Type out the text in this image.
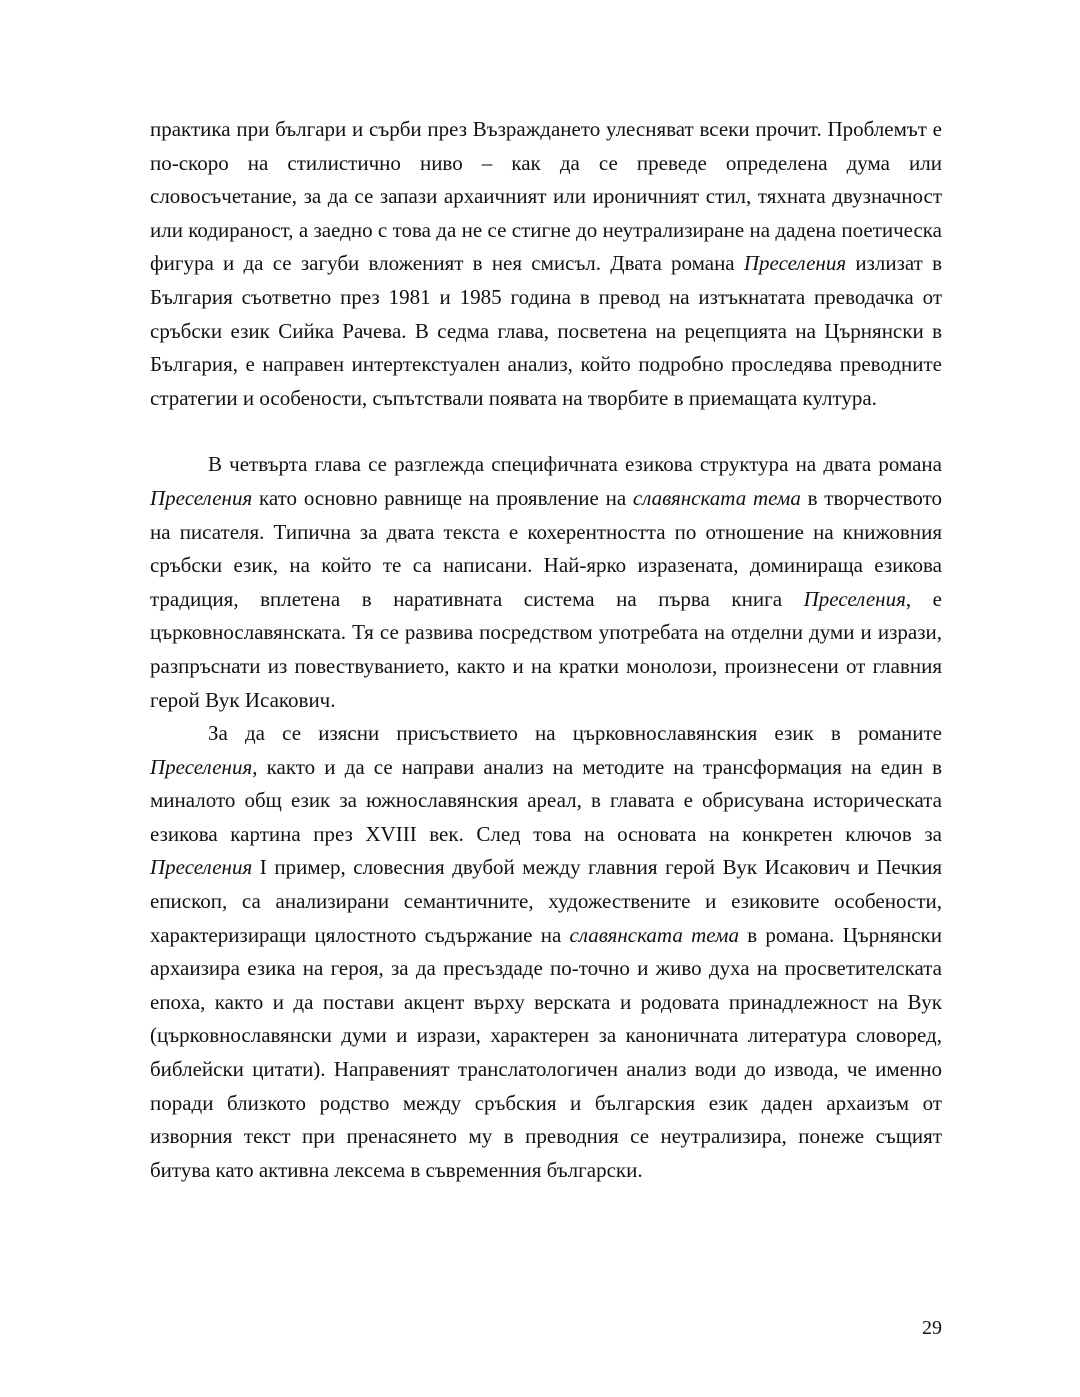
практика при българи и сърби през Възраждането улесняват всеки прочит. Проблемът е по-скоро на стилистично ниво – как да се преведе определена дума или словосъчетание, за да се запази архаичният или ироничният стил, тяхната двузначност или кодираност, а заедно с това да не се стигне до неутрализиране на дадена поетическа фигура и да се загуби вложеният в нея смисъл. Двата романа Преселения излизат в България съответно през 1981 и 1985 година в превод на изтъкнатата преводачка от сръбски език Сийка Рачева. В седма глава, посветена на рецепцията на Църнянски в България, е направен интертекстуален анализ, който подробно проследява преводните стратегии и особености, съпътствали появата на творбите в приемащата култура.

В четвърта глава се разглежда специфичната езикова структура на двата романа Преселения като основно равнище на проявление на славянската тема в творчеството на писателя. Типична за двата текста е кохерентността по отношение на книжовния сръбски език, на който те са написани. Най-ярко изразената, доминираща езикова традиция, вплетена в наративната система на първа книга Преселения, е църковнославянската. Тя се развива посредством употребата на отделни думи и изрази, разпръснати из повествуванието, както и на кратки монолози, произнесени от главния герой Вук Исакович.

За да се изясни присъствието на църковнославянския език в романите Преселения, както и да се направи анализ на методите на трансформация на един в миналото общ език за южнославянския ареал, в главата е обрисувана историческата езикова картина през XVIII век. След това на основата на конкретен ключов за Преселения I пример, словесния двубой между главния герой Вук Исакович и Печкия епископ, са анализирани семантичните, художествените и езиковите особености, характеризиращи цялостното съдържание на славянската тема в романа. Църнянски архаизира езика на героя, за да пресъздаде по-точно и живо духа на просветителската епоха, както и да постави акцент върху верската и родовата принадлежност на Вук (църковнославянски думи и изрази, характерен за каноничната литература словоред, библейски цитати). Направеният транслатологичен анализ води до извода, че именно поради близкото родство между сръбския и българския език даден архаизъм от изворния текст при пренасянето му в преводния се неутрализира, понеже същият битува като активна лексема в съвременния български.

29
